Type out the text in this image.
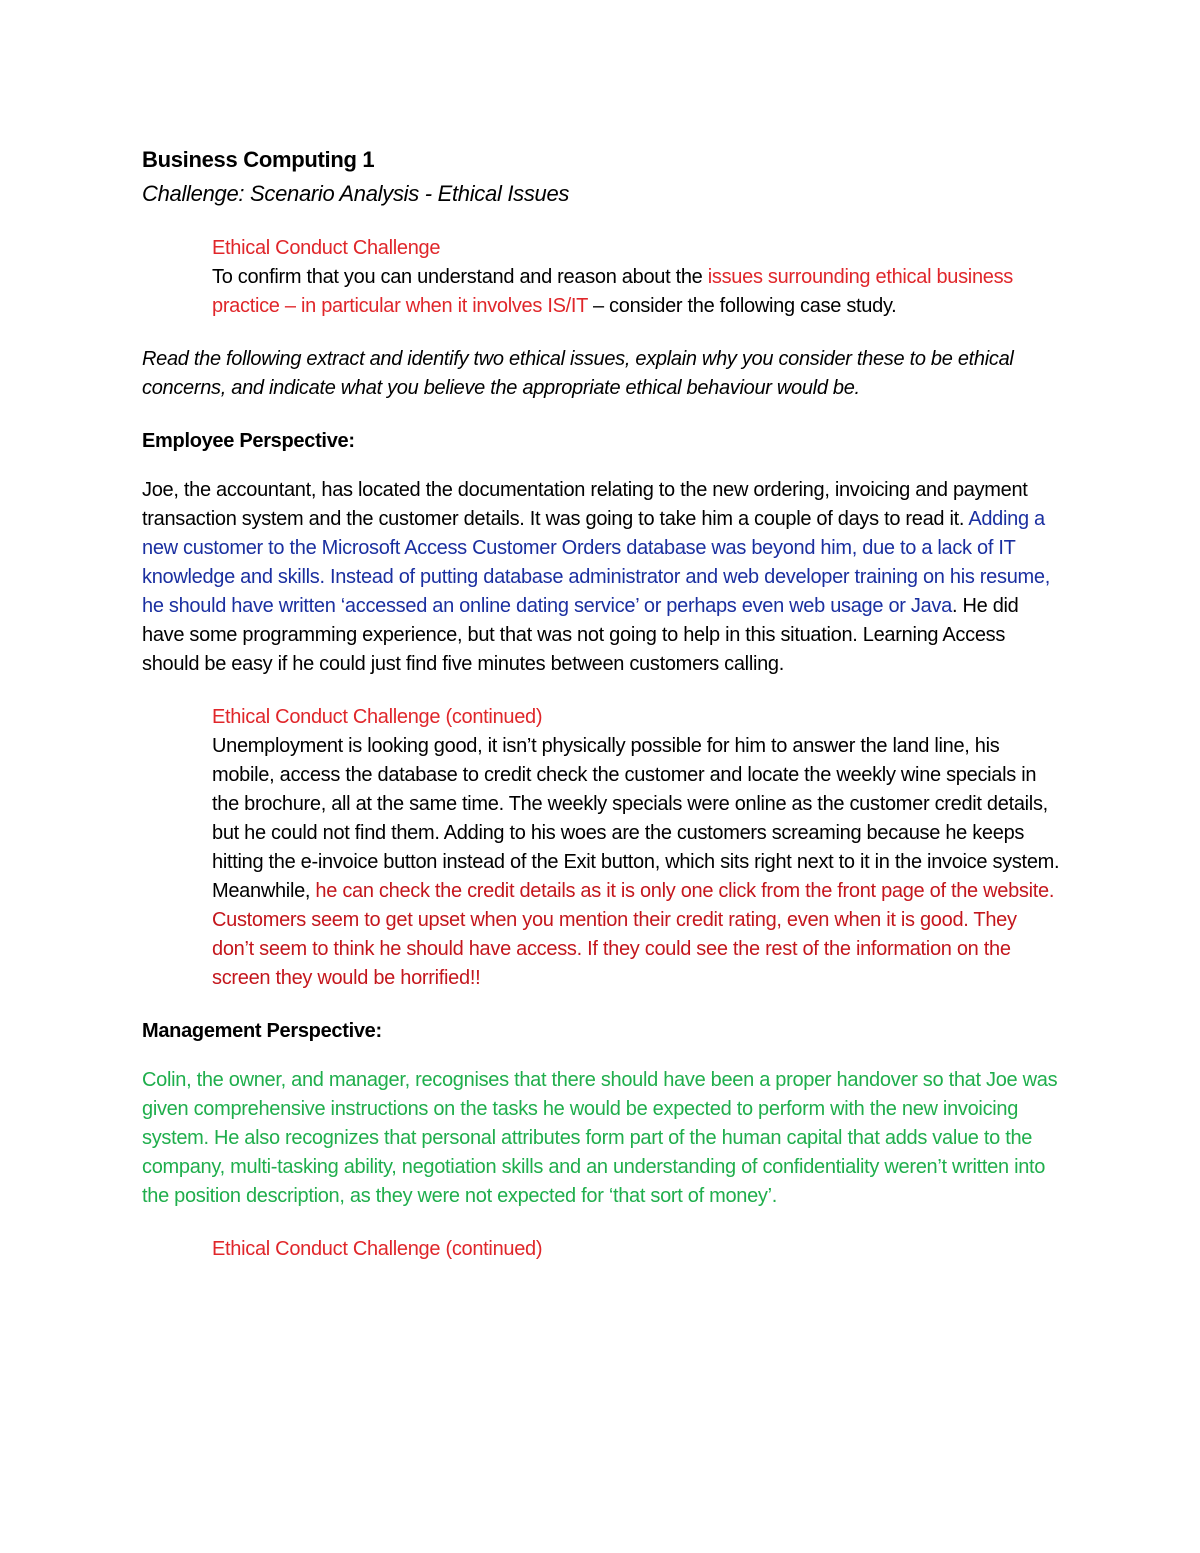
Business Computing 1

Challenge: Scenario Analysis - Ethical Issues

Ethical Conduct Challenge

To confirm that you can understand and reason about the issues surrounding ethical business practice – in particular when it involves IS/IT – consider the following case study.

Read the following extract and identify two ethical issues, explain why you consider these to be ethical concerns, and indicate what you believe the appropriate ethical behaviour would be.

Employee Perspective:

Joe, the accountant, has located the documentation relating to the new ordering, invoicing and payment transaction system and the customer details. It was going to take him a couple of days to read it. Adding a new customer to the Microsoft Access Customer Orders database was beyond him, due to a lack of IT knowledge and skills. Instead of putting database administrator and web developer training on his resume, he should have written ‘accessed an online dating service’ or perhaps even web usage or Java. He did have some programming experience, but that was not going to help in this situation. Learning Access should be easy if he could just find five minutes between customers calling.

Ethical Conduct Challenge (continued)

Unemployment is looking good, it isn’t physically possible for him to answer the land line, his mobile, access the database to credit check the customer and locate the weekly wine specials in the brochure, all at the same time. The weekly specials were online as the customer credit details, but he could not find them. Adding to his woes are the customers screaming because he keeps hitting the e-invoice button instead of the Exit button, which sits right next to it in the invoice system.

Meanwhile, he can check the credit details as it is only one click from the front page of the website. Customers seem to get upset when you mention their credit rating, even when it is good. They don’t seem to think he should have access. If they could see the rest of the information on the screen they would be horrified!!

Management Perspective:

Colin, the owner, and manager, recognises that there should have been a proper handover so that Joe was given comprehensive instructions on the tasks he would be expected to perform with the new invoicing system. He also recognizes that personal attributes form part of the human capital that adds value to the company, multi-tasking ability, negotiation skills and an understanding of confidentiality weren’t written into the position description, as they were not expected for ‘that sort of money’.

Ethical Conduct Challenge (continued)
